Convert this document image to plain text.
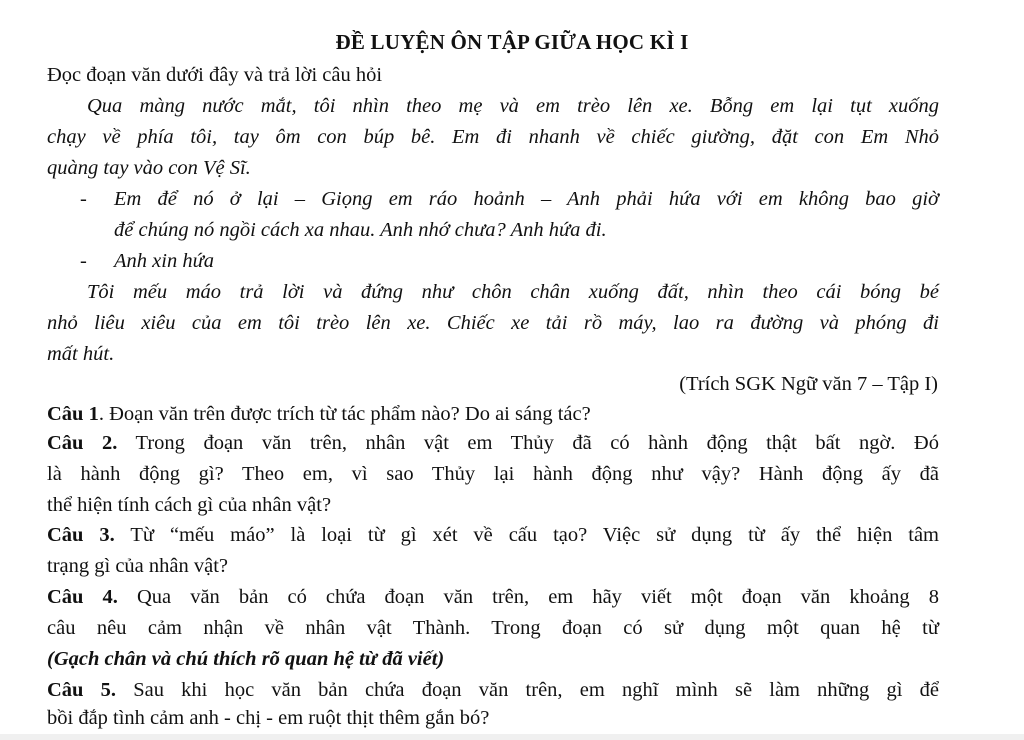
ĐỀ LUYỆN ÔN TẬP GIỮA HỌC KÌ I
Đọc đoạn văn dưới đây và trả lời câu hỏi
Qua màng nước mắt, tôi nhìn theo mẹ và em trèo lên xe. Bỗng em lại tụt xuống
chạy về phía tôi, tay ôm con búp bê. Em đi nhanh về chiếc giường, đặt con Em Nhỏ
quàng tay vào con Vệ Sĩ.
- Em để nó ở lại – Giọng em ráo hoảnh – Anh phải hứa với em không bao giờ
để chúng nó ngồi cách xa nhau. Anh nhớ chưa? Anh hứa đi.
- Anh xin hứa
Tôi mếu máo trả lời và đứng như chôn chân xuống đất, nhìn theo cái bóng bé
nhỏ liêu xiêu của em tôi trèo lên xe. Chiếc xe tải rồ máy, lao ra đường và phóng đi
mất hút.
(Trích SGK Ngữ văn 7 – Tập I)
Câu 1. Đoạn văn trên được trích từ tác phẩm nào? Do ai sáng tác?
Câu 2. Trong đoạn văn trên, nhân vật em Thủy đã có hành động thật bất ngờ. Đó
là hành động gì? Theo em, vì sao Thủy lại hành động như vậy? Hành động ấy đã
thể hiện tính cách gì của nhân vật?
Câu 3. Từ “mếu máo” là loại từ gì xét về cấu tạo? Việc sử dụng từ ấy thể hiện tâm
trạng gì của nhân vật?
Câu 4. Qua văn bản có chứa đoạn văn trên, em hãy viết một đoạn văn khoảng 8
câu nêu cảm nhận về nhân vật Thành. Trong đoạn có sử dụng một quan hệ từ
(Gạch chân và chú thích rõ quan hệ từ đã viết)
Câu 5. Sau khi học văn bản chứa đoạn văn trên, em nghĩ mình sẽ làm những gì để
bồi đắp tình cảm anh - chị - em ruột thịt thêm gắn bó?
